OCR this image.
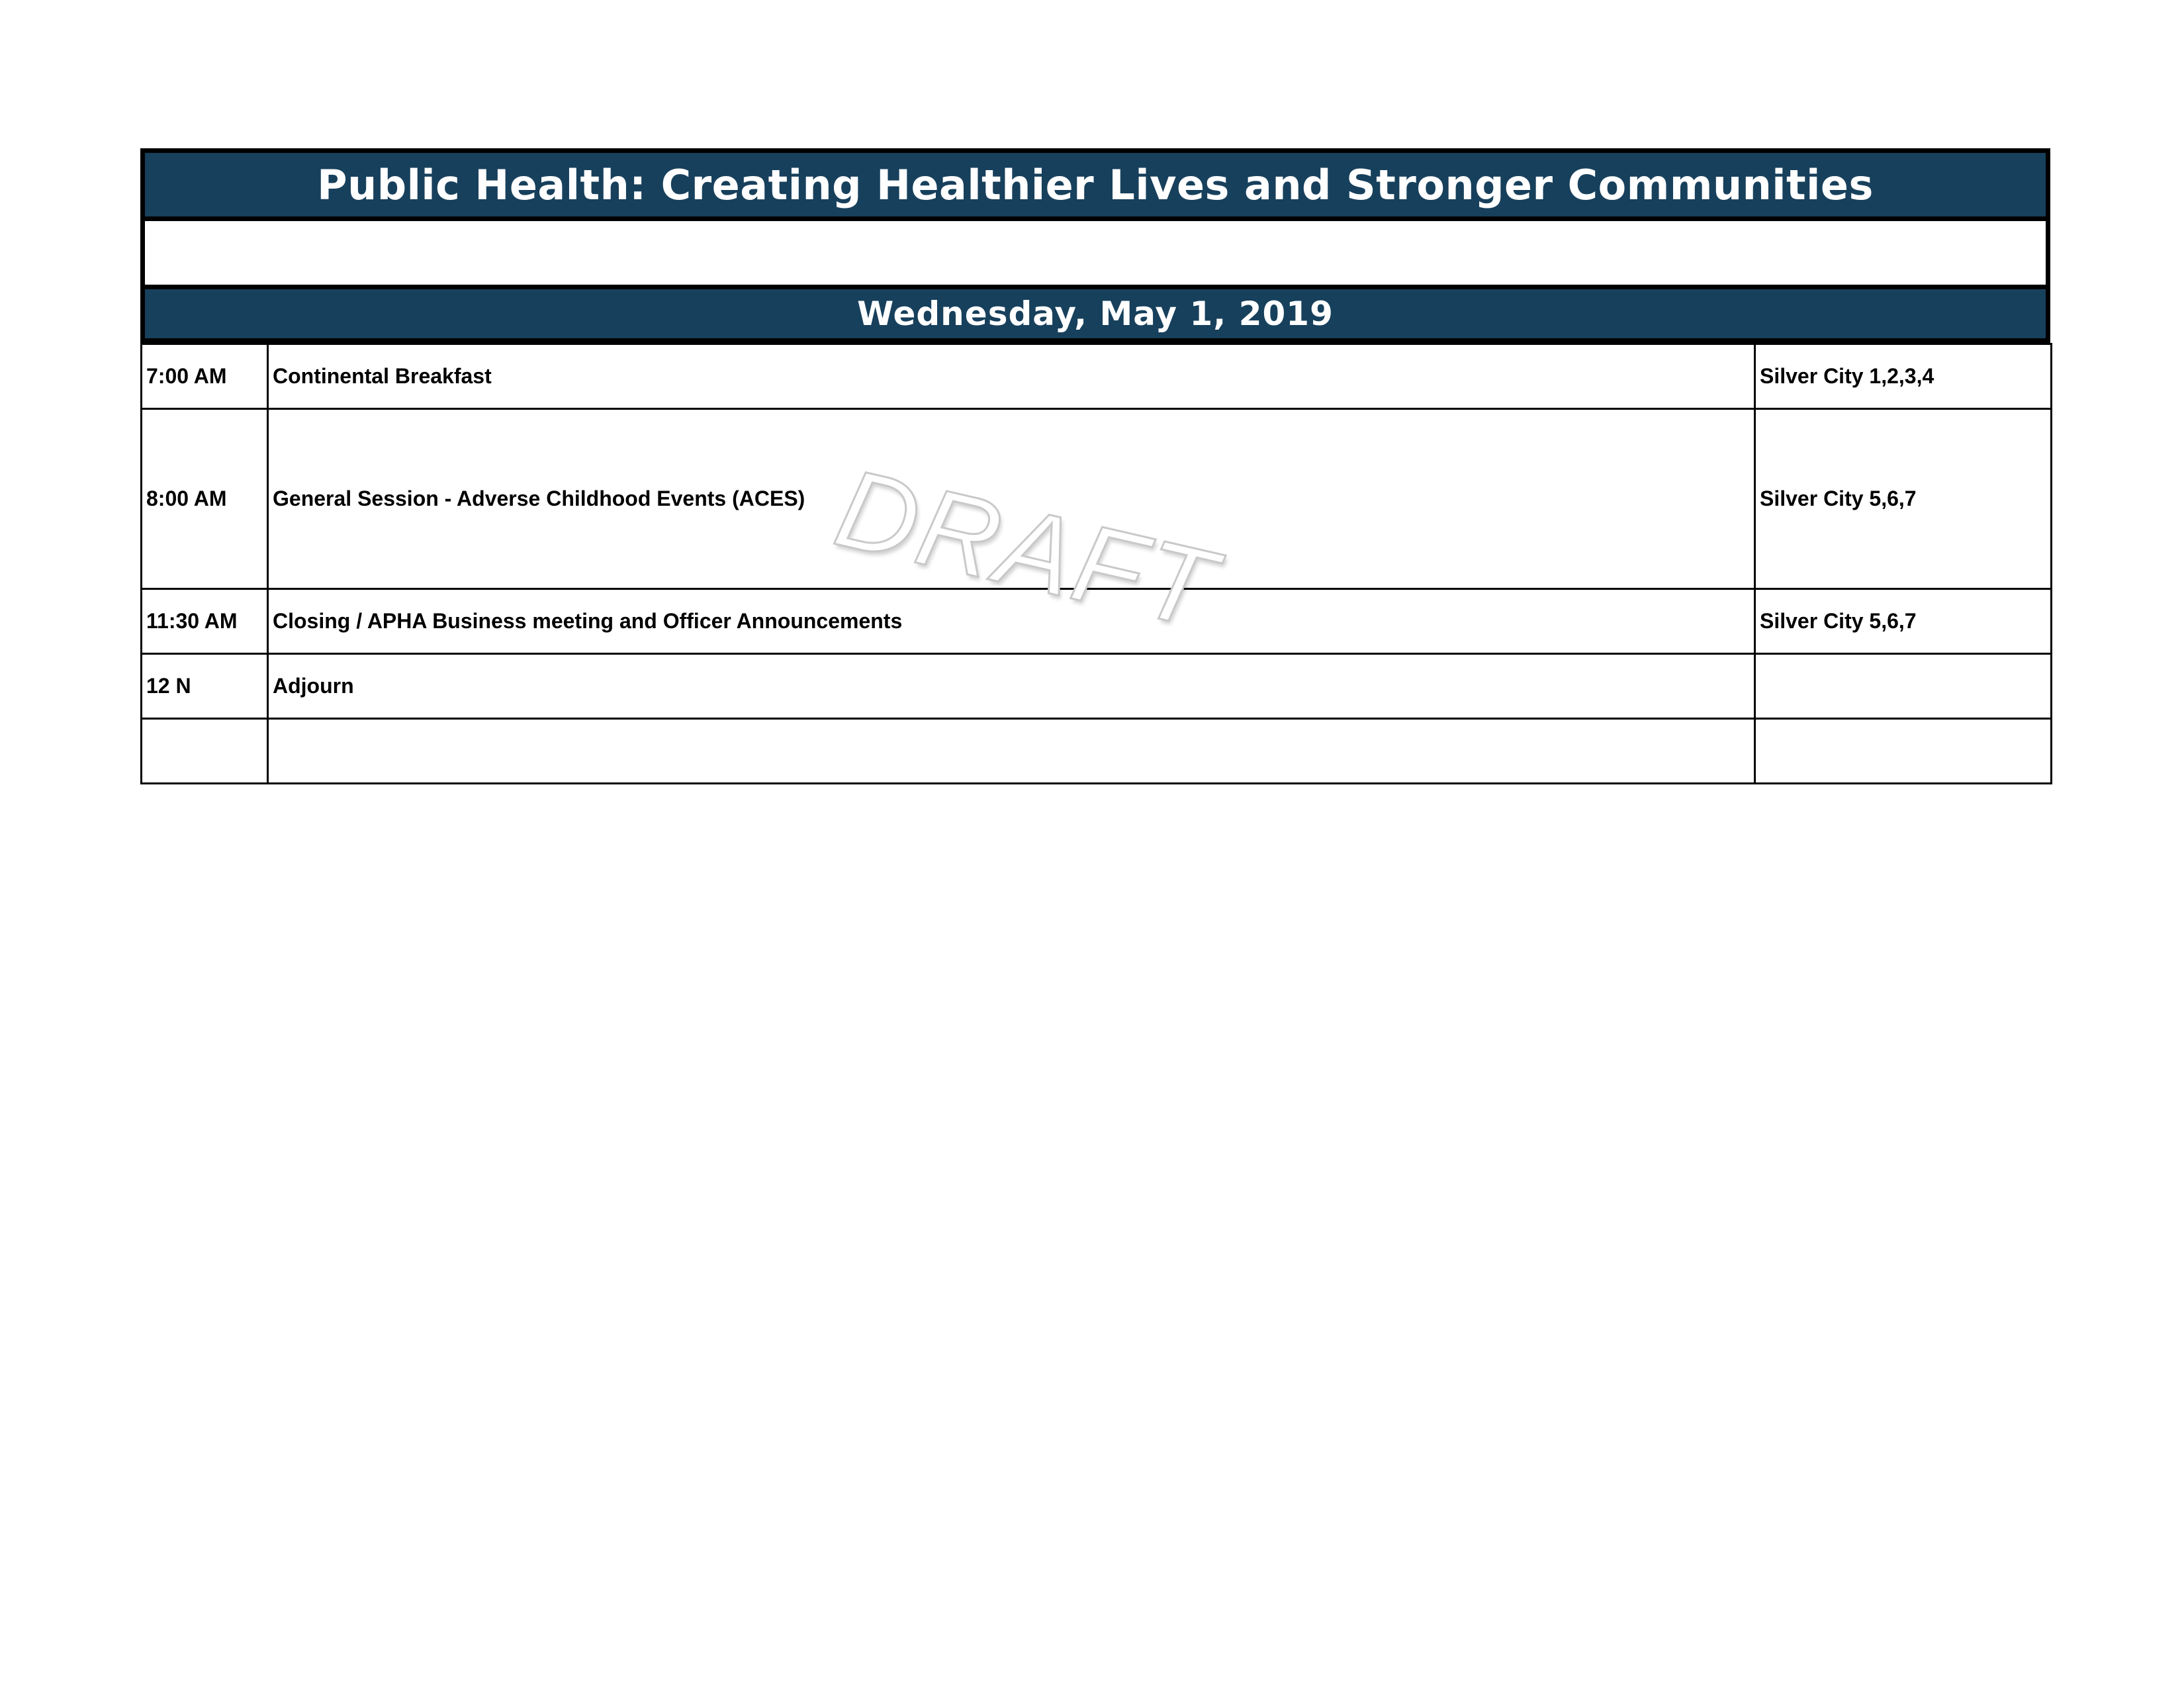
Public Health: Creating Healthier Lives and Stronger Communities
Wednesday, May 1, 2019
7:00 AM	Continental Breakfast	Silver City 1,2,3,4
8:00 AM	General Session - Adverse Childhood Events (ACES)	Silver City 5,6,7
11:30 AM	Closing / APHA Business meeting and Officer Announcements	Silver City 5,6,7
12 N	Adjourn	

DRAFT
